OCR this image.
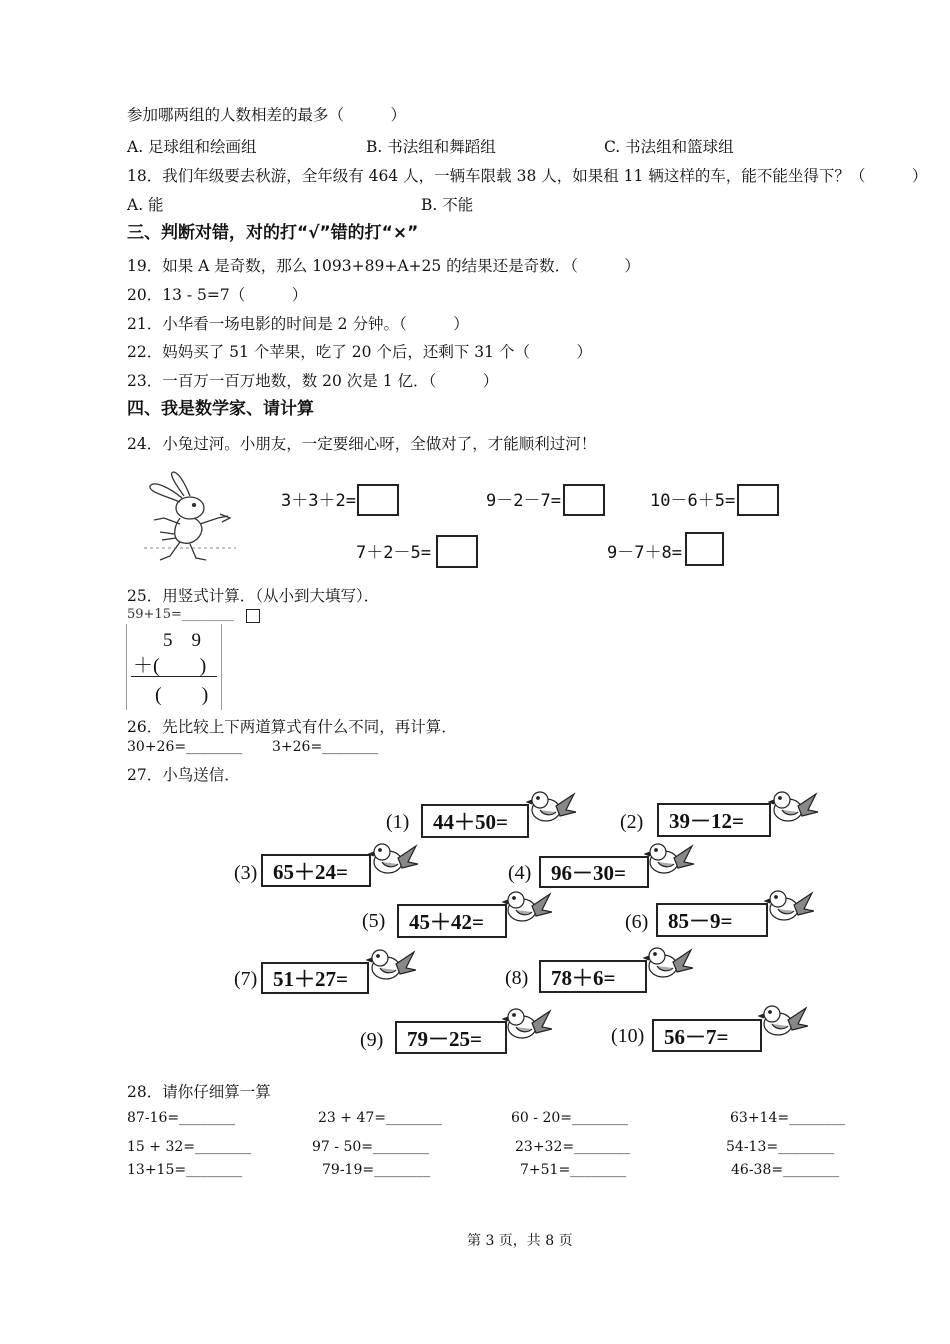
参加哪两组的人数相差的最多（　　　）
A. 足球组和绘画组	B. 书法组和舞蹈组	C. 书法组和篮球组
18．我们年级要去秋游，全年级有 464 人，一辆车限载 38 人，如果租 11 辆这样的车，能不能坐得下？（　　　）
A. 能	B. 不能
三、判断对错，对的打“√”错的打“×”
19．如果 A 是奇数，那么 1093+89+A+25 的结果还是奇数．（　　　）
20．13 - 5=7（　　　）
21．小华看一场电影的时间是 2 分钟。（　　　）
22．妈妈买了 51 个苹果，吃了 20 个后，还剩下 31 个（　　　）
23．一百万一百万地数，数 20 次是 1 亿．（　　　）
四、我是数学家、请计算
24．小兔过河。小朋友，一定要细心呀，全做对了，才能顺利过河！
3＋3＋2=	9－2－7=	10－6＋5=
7＋2－5=	9－7＋8=
25．用竖式计算．（从小到大填写）．
59+15=________
5　9
＋(　　)
(　　)
26．先比较上下两道算式有什么不同，再计算．
30+26=________ 3+26=________
27．小鸟送信．
(1)	44＋50=	(2)	39－12=
(3) 65＋24=	(4) 96－30=
(5)	45＋42=	(6) 85－9=
(7) 51＋27=	(8)	78＋6=
(9)	79－25=	(10) 56－7=
28．请你仔细算一算
87-16=________	23 + 47=________	60 - 20=________	63+14=________
15 + 32=________	97 - 50=________	23+32=________	54-13=________
13+15=________	79-19=________	7+51=________	46-38=________
第 3 页，共 8 页
